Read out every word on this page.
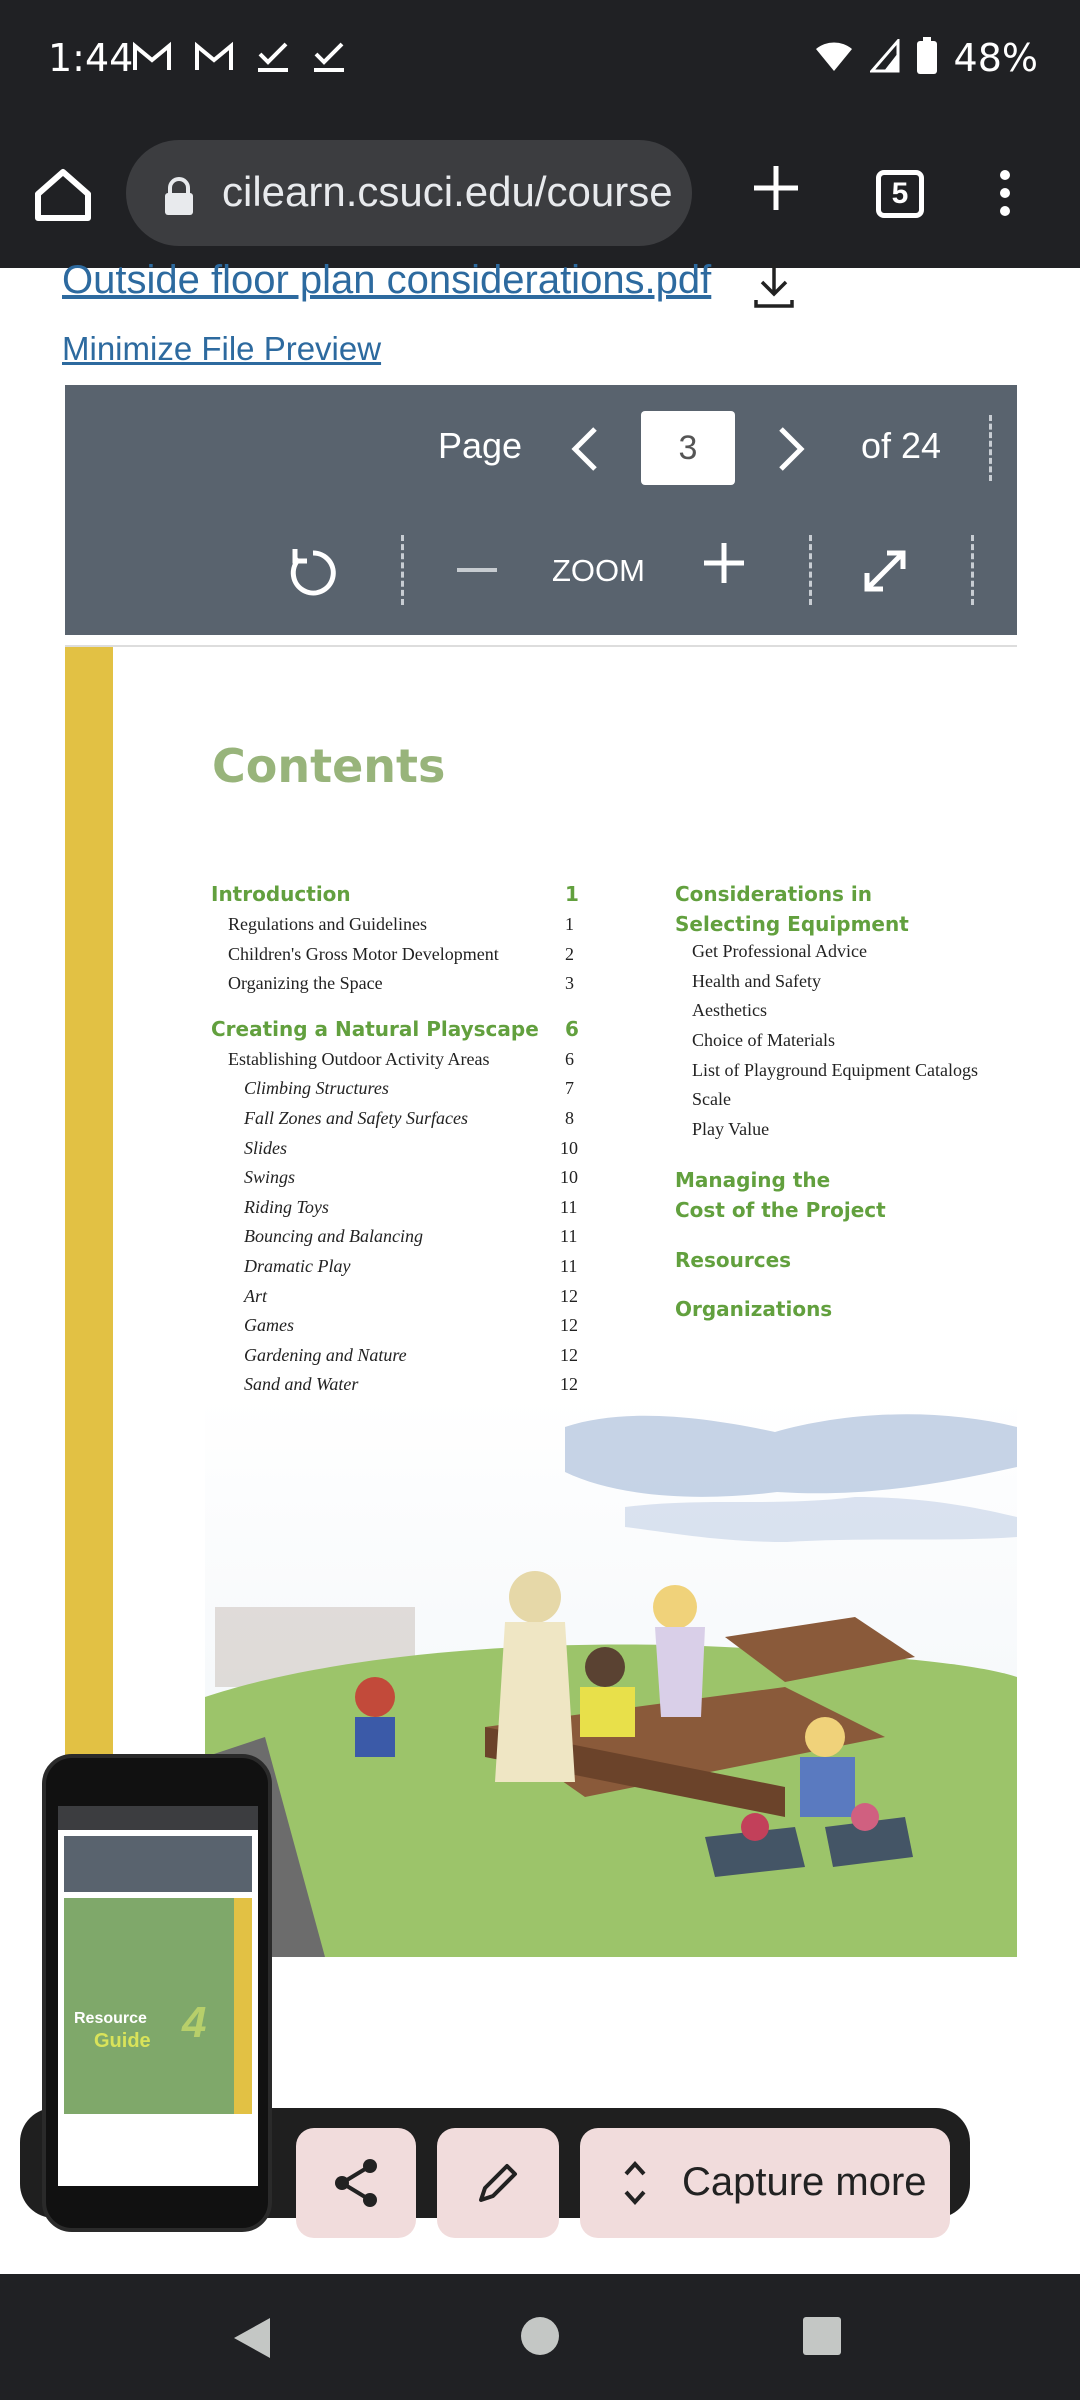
1:44	48%
cilearn.csuci.edu/course	5
Outside floor plan considerations.pdf
Minimize File Preview
Page	3	of 24
ZOOM
Contents
Introduction	1
Regulations and Guidelines	1
Children's Gross Motor Development	2
Organizing the Space	3
Creating a Natural Playscape 6
Establishing Outdoor Activity Areas	6
Climbing Structures	7
Fall Zones and Safety Surfaces	8
Slides	10
Swings	10
Riding Toys	11
Bouncing and Balancing	11
Dramatic Play	11
Art	12
Games	12
Gardening and Nature	12
Sand and Water	12
Considerations in
Selecting Equipment
Get Professional Advice
Health and Safety
Aesthetics
Choice of Materials
List of Playground Equipment Catalogs
Scale
Play Value
Managing the
Cost of the Project
Resources
Organizations
Resource
Guide 4
Capture more
